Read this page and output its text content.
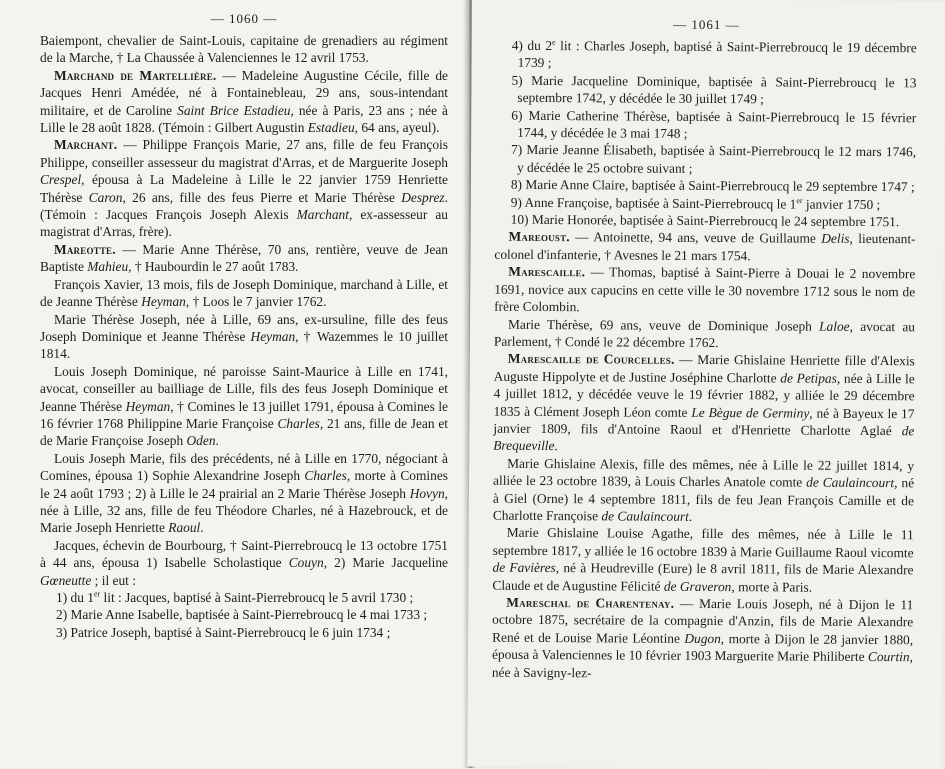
— 1060 —

Baiempont, chevalier de Saint-Louis, capitaine de grenadiers au régiment de la Marche, † La Chaussée à Valenciennes le 12 avril 1753.

Marchand de Martellière. — Madeleine Augustine Cécile, fille de Jacques Henri Amédée, né à Fontainebleau, 29 ans, sous-intendant militaire, et de Caroline Saint Brice Estadieu, née à Paris, 23 ans ; née à Lille le 28 août 1828. (Témoin : Gilbert Augustin Estadieu, 64 ans, ayeul).

Marchant. — Philippe François Marie, 27 ans, fille de feu François Philippe, conseiller assesseur du magistrat d'Arras, et de Marguerite Joseph Crespel, épousa à La Madeleine à Lille le 22 janvier 1759 Henriette Thérèse Caron, 26 ans, fille des feus Pierre et Marie Thérèse Desprez. (Témoin : Jacques François Joseph Alexis Marchant, ex-assesseur au magistrat d'Arras, frère).

Mareotte. — Marie Anne Thérèse, 70 ans, rentière, veuve de Jean Baptiste Mahieu, † Haubourdin le 27 août 1783.

François Xavier, 13 mois, fils de Joseph Dominique, marchand à Lille, et de Jeanne Thérèse Heyman, † Loos le 7 janvier 1762.

Marie Thérèse Joseph, née à Lille, 69 ans, ex-ursuline, fille des feus Joseph Dominique et Jeanne Thérèse Heyman, † Wazemmes le 10 juillet 1814.

Louis Joseph Dominique, né paroisse Saint-Maurice à Lille en 1741, avocat, conseiller au bailliage de Lille, fils des feus Joseph Dominique et Jeanne Thérèse Heyman, † Comines le 13 juillet 1791, épousa à Comines le 16 février 1768 Philippine Marie Françoise Charles, 21 ans, fille de Jean et de Marie Françoise Joseph Oden.

Louis Joseph Marie, fils des précédents, né à Lille en 1770, négociant à Comines, épousa 1) Sophie Alexandrine Joseph Charles, morte à Comines le 24 août 1793 ; 2) à Lille le 24 prairial an 2 Marie Thérèse Joseph Hovyn, née à Lille, 32 ans, fille de feu Théodore Charles, né à Hazebrouck, et de Marie Joseph Henriette Raoul.

Jacques, échevin de Bourbourg, † Saint-Pierrebroucq le 13 octobre 1751 à 44 ans, épousa 1) Isabelle Scholastique Couyn, 2) Marie Jacqueline Gœneutte ; il eut :

1) du 1er lit : Jacques, baptisé à Saint-Pierrebroucq le 5 avril 1730 ;

2) Marie Anne Isabelle, baptisée à Saint-Pierrebroucq le 4 mai 1733 ;

3) Patrice Joseph, baptisé à Saint-Pierrebroucq le 6 juin 1734 ;

— 1061 —

4) du 2e lit : Charles Joseph, baptisé à Saint-Pierrebroucq le 19 décembre 1739 ;

5) Marie Jacqueline Dominique, baptisée à Saint-Pierrebroucq le 13 septembre 1742, y décédée le 30 juillet 1749 ;

6) Marie Catherine Thérèse, baptisée à Saint-Pierrebroucq le 15 février 1744, y décédée le 3 mai 1748 ;

7) Marie Jeanne Élisabeth, baptisée à Saint-Pierrebroucq le 12 mars 1746, y décédée le 25 octobre suivant ;

8) Marie Anne Claire, baptisée à Saint-Pierrebroucq le 29 septembre 1747 ;

9) Anne Françoise, baptisée à Saint-Pierrebroucq le 1er janvier 1750 ;

10) Marie Honorée, baptisée à Saint-Pierrebroucq le 24 septembre 1751.

Mareoust. — Antoinette, 94 ans, veuve de Guillaume Delis, lieutenant-colonel d'infanterie, † Avesnes le 21 mars 1754.

Marescaille. — Thomas, baptisé à Saint-Pierre à Douai le 2 novembre 1691, novice aux capucins en cette ville le 30 novembre 1712 sous le nom de frère Colombin.

Marie Thérèse, 69 ans, veuve de Dominique Joseph Laloe, avocat au Parlement, † Condé le 22 décembre 1762.

Marescaille de Courcelles. — Marie Ghislaine Henriette fille d'Alexis Auguste Hippolyte et de Justine Joséphine Charlotte de Petipas, née à Lille le 4 juillet 1812, y décédée veuve le 19 février 1882, y alliée le 29 décembre 1835 à Clément Joseph Léon comte Le Bègue de Germiny, né à Bayeux le 17 janvier 1809, fils d'Antoine Raoul et d'Henriette Charlotte Aglaé de Brequeville.

Marie Ghislaine Alexis, fille des mêmes, née à Lille le 22 juillet 1814, y alliée le 23 octobre 1839, à Louis Charles Anatole comte de Caulaincourt, né à Giel (Orne) le 4 septembre 1811, fils de feu Jean François Camille et de Charlotte Françoise de Caulaincourt.

Marie Ghislaine Louise Agathe, fille des mêmes, née à Lille le 11 septembre 1817, y alliée le 16 octobre 1839 à Marie Guillaume Raoul vicomte de Favières, né à Heudreville (Eure) le 8 avril 1811, fils de Marie Alexandre Claude et de Augustine Félicité de Graveron, morte à Paris.

Mareschal de Charentenay. — Marie Louis Joseph, né à Dijon le 11 octobre 1875, secrétaire de la compagnie d'Anzin, fils de Marie Alexandre René et de Louise Marie Léontine Dugon, morte à Dijon le 28 janvier 1880, épousa à Valenciennes le 10 février 1903 Marguerite Marie Philiberte Courtin, née à Savigny-lez-
